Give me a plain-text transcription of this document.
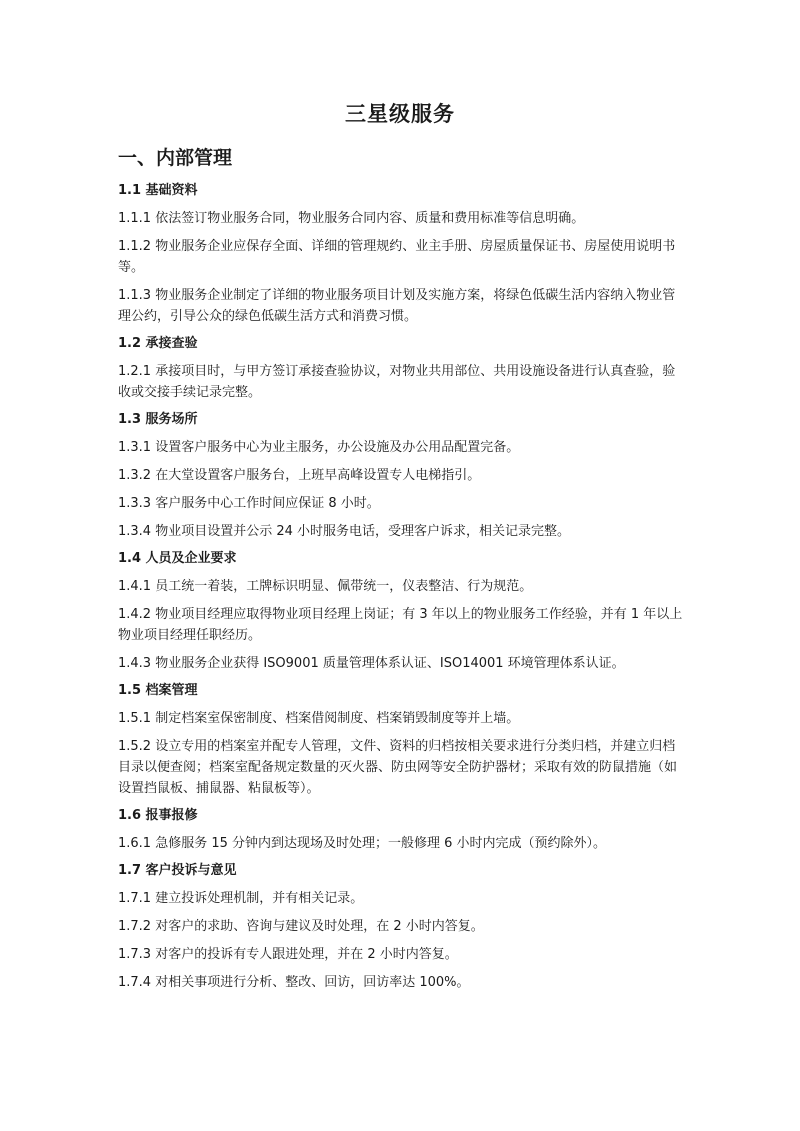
三星级服务
一、内部管理
1.1 基础资料
1.1.1 依法签订物业服务合同，物业服务合同内容、质量和费用标准等信息明确。
1.1.2 物业服务企业应保存全面、详细的管理规约、业主手册、房屋质量保证书、房屋使用说明书等。
1.1.3 物业服务企业制定了详细的物业服务项目计划及实施方案，将绿色低碳生活内容纳入物业管理公约，引导公众的绿色低碳生活方式和消费习惯。
1.2 承接查验
1.2.1 承接项目时，与甲方签订承接查验协议，对物业共用部位、共用设施设备进行认真查验，验收或交接手续记录完整。
1.3 服务场所
1.3.1 设置客户服务中心为业主服务，办公设施及办公用品配置完备。
1.3.2 在大堂设置客户服务台，上班早高峰设置专人电梯指引。
1.3.3 客户服务中心工作时间应保证 8 小时。
1.3.4 物业项目设置并公示 24 小时服务电话，受理客户诉求，相关记录完整。
1.4 人员及企业要求
1.4.1 员工统一着装，工牌标识明显、佩带统一，仪表整洁、行为规范。
1.4.2 物业项目经理应取得物业项目经理上岗证；有 3 年以上的物业服务工作经验，并有 1 年以上物业项目经理任职经历。
1.4.3 物业服务企业获得 ISO9001 质量管理体系认证、ISO14001 环境管理体系认证。
1.5 档案管理
1.5.1 制定档案室保密制度、档案借阅制度、档案销毁制度等并上墙。
1.5.2 设立专用的档案室并配专人管理，文件、资料的归档按相关要求进行分类归档，并建立归档目录以便查阅；档案室配备规定数量的灭火器、防虫网等安全防护器材；采取有效的防鼠措施（如设置挡鼠板、捕鼠器、粘鼠板等）。
1.6 报事报修
1.6.1 急修服务 15 分钟内到达现场及时处理；一般修理 6 小时内完成（预约除外）。
1.7 客户投诉与意见
1.7.1 建立投诉处理机制，并有相关记录。
1.7.2 对客户的求助、咨询与建议及时处理，在 2 小时内答复。
1.7.3 对客户的投诉有专人跟进处理，并在 2 小时内答复。
1.7.4 对相关事项进行分析、整改、回访，回访率达 100%。
